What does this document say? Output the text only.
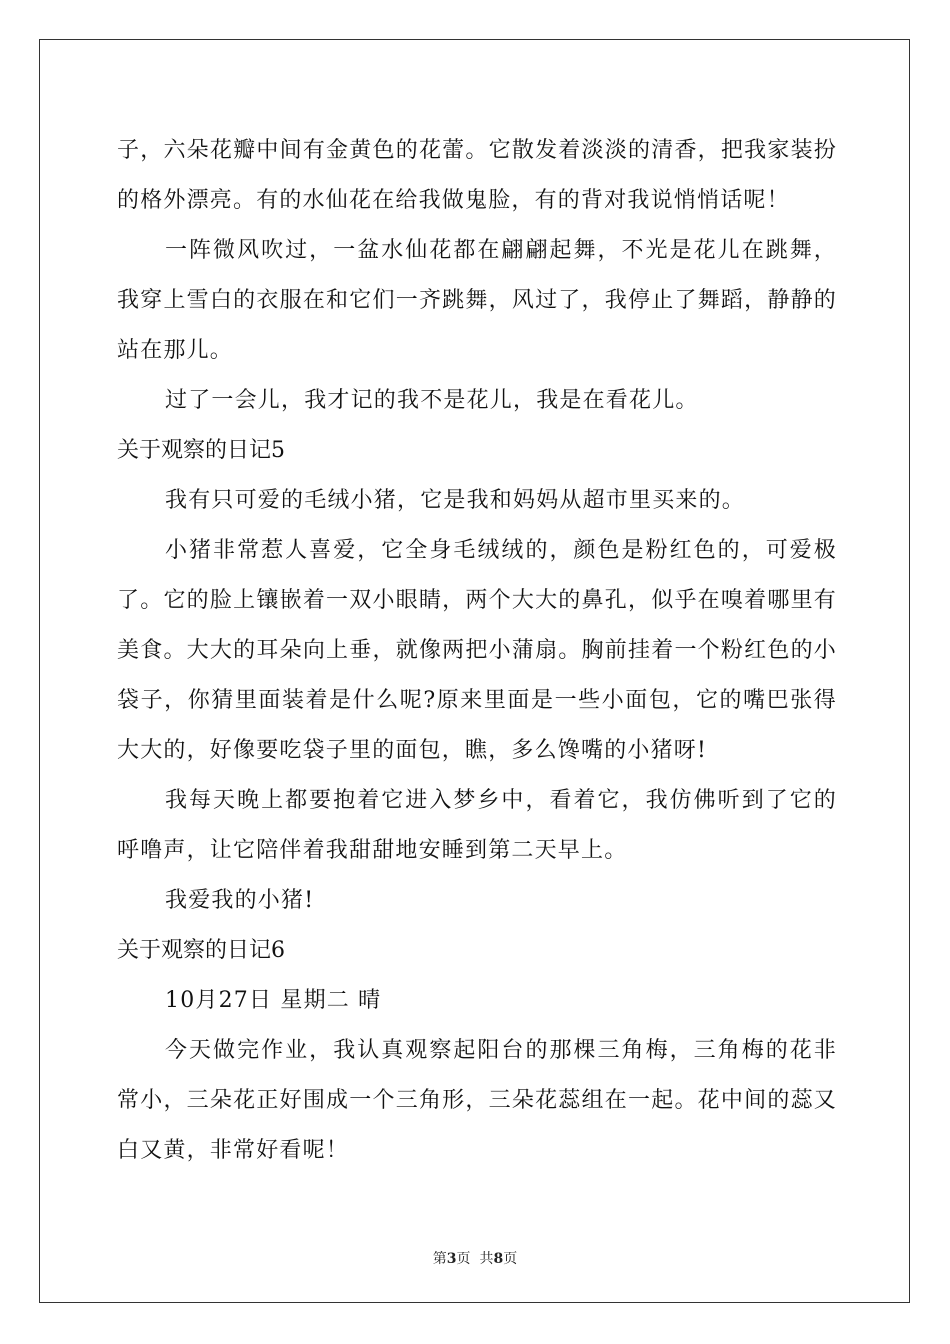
子，六朵花瓣中间有金黄色的花蕾。它散发着淡淡的清香，把我家装扮的格外漂亮。有的水仙花在给我做鬼脸，有的背对我说悄悄话呢！

一阵微风吹过，一盆水仙花都在翩翩起舞，不光是花儿在跳舞，我穿上雪白的衣服在和它们一齐跳舞，风过了，我停止了舞蹈，静静的站在那儿。

过了一会儿，我才记的我不是花儿，我是在看花儿。

关于观察的日记5

我有只可爱的毛绒小猪，它是我和妈妈从超市里买来的。

小猪非常惹人喜爱，它全身毛绒绒的，颜色是粉红色的，可爱极了。它的脸上镶嵌着一双小眼睛，两个大大的鼻孔，似乎在嗅着哪里有美食。大大的耳朵向上垂，就像两把小蒲扇。胸前挂着一个粉红色的小袋子，你猜里面装着是什么呢?原来里面是一些小面包，它的嘴巴张得大大的，好像要吃袋子里的面包，瞧，多么馋嘴的小猪呀!

我每天晚上都要抱着它进入梦乡中，看着它，我仿佛听到了它的呼噜声，让它陪伴着我甜甜地安睡到第二天早上。

我爱我的小猪!

关于观察的日记6

10月27日 星期二 晴

今天做完作业，我认真观察起阳台的那棵三角梅，三角梅的花非常小，三朵花正好围成一个三角形，三朵花蕊组在一起。花中间的蕊又白又黄，非常好看呢！

第3页  共8页
